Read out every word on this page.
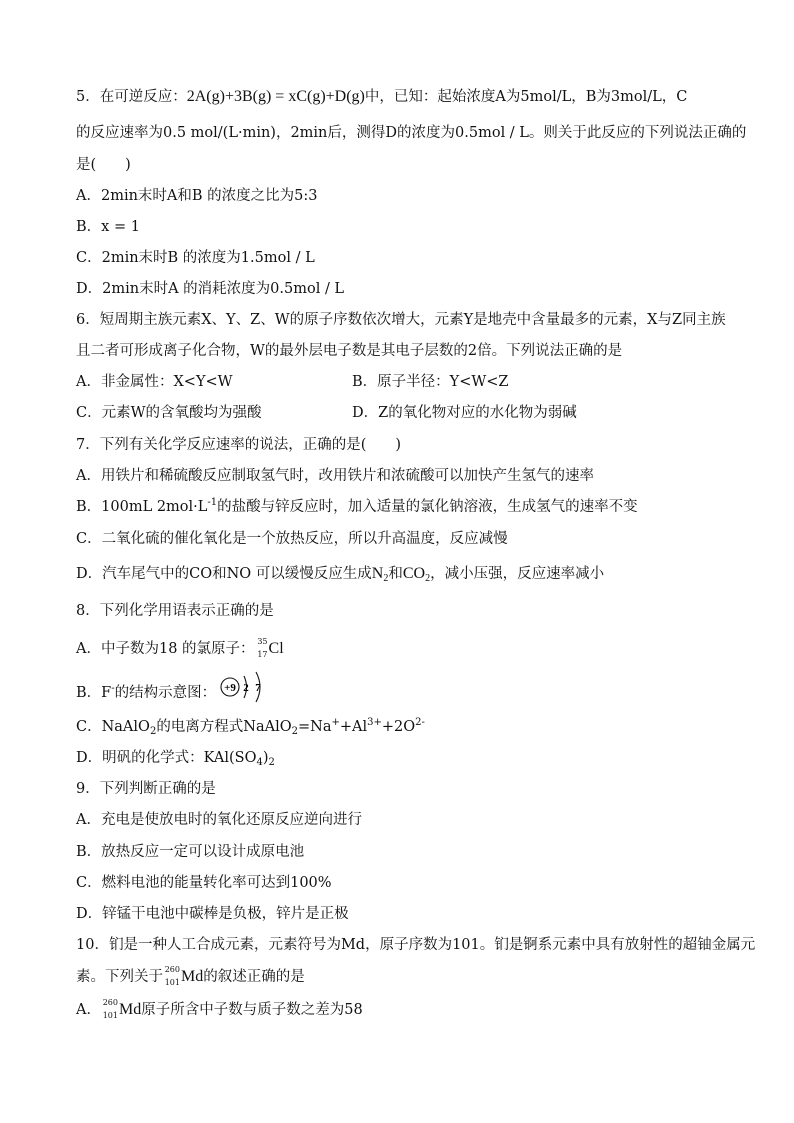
5．在可逆反应：2A(g)+3B(g) = xC(g)+D(g)中，已知：起始浓度A为5mol/L，B为3mol/L，C
的反应速率为0.5 mol/(L·min)，2min后，测得D的浓度为0.5mol / L。则关于此反应的下列说法正确的
是(　　)
A．2min末时A和B 的浓度之比为5:3
B．x = 1
C．2min末时B 的浓度为1.5mol / L
D．2min末时A 的消耗浓度为0.5mol / L
6．短周期主族元素X、Y、Z、W的原子序数依次增大，元素Y是地壳中含量最多的元素，X与Z同主族
且二者可形成离子化合物，W的最外层电子数是其电子层数的2倍。下列说法正确的是
A．非金属性：X<Y<W	B．原子半径：Y<W<Z
C．元素W的含氧酸均为强酸	D．Z的氧化物对应的水化物为弱碱
7．下列有关化学反应速率的说法，正确的是(　　)
A．用铁片和稀硫酸反应制取氢气时，改用铁片和浓硫酸可以加快产生氢气的速率
B．100mL $2mol\cdot L^{-1}$的盐酸与锌反应时，加入适量的氯化钠溶液，生成氢气的速率不变
C．二氧化硫的催化氧化是一个放热反应，所以升高温度，反应减慢
D．汽车尾气中的CO和NO 可以缓慢反应生成$N_2$和$CO_2$，减小压强，反应速率减小
8．下列化学用语表示正确的是
A．中子数为18 的氯原子： 35
17 Cl
B．F-的结构示意图： +9 2 7
C．NaAlO$_2$的电离方程式$NaAlO_2=Na^++Al^{3+}+2O^{2-}$
D．明矾的化学式：$KAl(SO_4)_2$
9．下列判断正确的是
A．充电是使放电时的氧化还原反应逆向进行
B．放热反应一定可以设计成原电池
C．燃料电池的能量转化率可达到100%
D．锌锰干电池中碳棒是负极，锌片是正极
10．钔是一种人工合成元素，元素符号为Md，原子序数为101。钔是锕系元素中具有放射性的超铀金属元
素。下列关于 260
101 Md的叙述正确的是
A． 260
101 Md原子所含中子数与质子数之差为58
